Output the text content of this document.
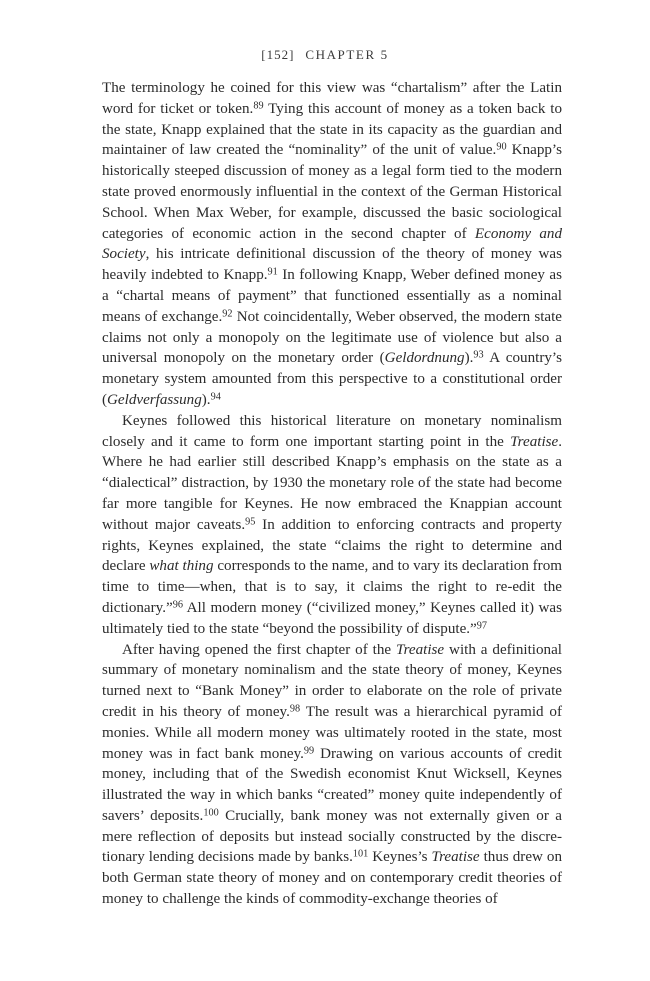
[152] CHAPTER 5

The terminology he coined for this view was “chartalism” after the Latin word for ticket or token.$^{89}$ Tying this account of money as a token back to the state, Knapp explained that the state in its capacity as the guardian and maintainer of law created the “nominality” of the unit of value.$^{90}$ Knapp’s historically steeped discussion of money as a legal form tied to the modern state proved enormously influential in the context of the German Historical School. When Max Weber, for example, discussed the basic sociological categories of economic action in the second chapter of Economy and Society, his intricate definitional discussion of the theory of money was heavily indebted to Knapp.$^{91}$ In following Knapp, Weber defined money as a “chartal means of payment” that functioned essentially as a nominal means of exchange.$^{92}$ Not coincidentally, Weber observed, the modern state claims not only a monopoly on the legitimate use of violence but also a universal monopoly on the monetary order (Geldordnung).$^{93}$ A country’s monetary system amounted from this perspective to a constitutional order (Geldverfassung).$^{94}$

Keynes followed this historical literature on monetary nominalism closely and it came to form one important starting point in the Treatise. Where he had earlier still described Knapp’s emphasis on the state as a “dialectical” distraction, by 1930 the monetary role of the state had become far more tangible for Keynes. He now embraced the Knappian account without major caveats.$^{95}$ In addition to enforcing contracts and property rights, Keynes explained, the state “claims the right to determine and declare what thing corresponds to the name, and to vary its declaration from time to time—when, that is to say, it claims the right to re-edit the dictionary.”$^{96}$ All modern money (“civilized money,” Keynes called it) was ultimately tied to the state “beyond the possibility of dispute.”$^{97}$

After having opened the first chapter of the Treatise with a definitional summary of monetary nominalism and the state theory of money, Keynes turned next to “Bank Money” in order to elaborate on the role of private credit in his theory of money.$^{98}$ The result was a hierarchical pyramid of monies. While all modern money was ultimately rooted in the state, most money was in fact bank money.$^{99}$ Drawing on various accounts of credit money, including that of the Swedish economist Knut Wicksell, Keynes illustrated the way in which banks “created” money quite independently of savers’ deposits.$^{100}$ Crucially, bank money was not externally given or a mere reflection of deposits but instead socially constructed by the discretionary lending decisions made by banks.$^{101}$ Keynes’s Treatise thus drew on both German state theory of money and on contemporary credit theories of money to challenge the kinds of commodity-exchange theories of
